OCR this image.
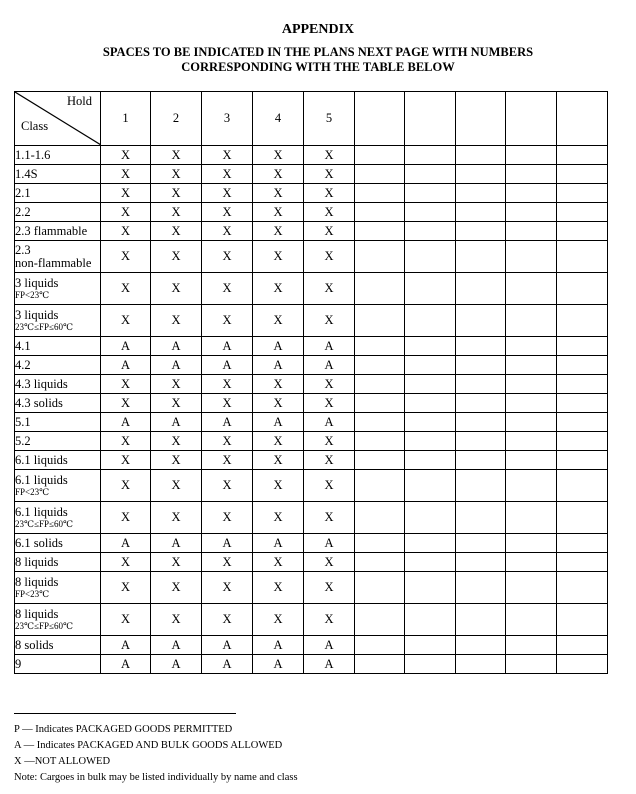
APPENDIX
SPACES TO BE INDICATED IN THE PLANS NEXT PAGE WITH NUMBERS
CORRESPONDING WITH THE TABLE BELOW
Hold
Class	1	2	3	4	5					
1.1-1.6	X	X	X	X	X					
1.4S	X	X	X	X	X					
2.1	X	X	X	X	X					
2.2	X	X	X	X	X					
2.3 flammable	X	X	X	X	X					
2.3
non-flammable	X	X	X	X	X					
3 liquids
FP<23℃	X	X	X	X	X					
3 liquids
23℃≤FP≤60℃	X	X	X	X	X					
4.1	A	A	A	A	A					
4.2	A	A	A	A	A					
4.3 liquids	X	X	X	X	X					
4.3 solids	X	X	X	X	X					
5.1	A	A	A	A	A					
5.2	X	X	X	X	X					
6.1 liquids	X	X	X	X	X					
6.1 liquids
FP<23℃	X	X	X	X	X					
6.1 liquids
23℃≤FP≤60℃	X	X	X	X	X					
6.1 solids	A	A	A	A	A					
8 liquids	X	X	X	X	X					
8 liquids
FP<23℃	X	X	X	X	X					
8 liquids
23℃≤FP≤60℃	X	X	X	X	X					
8 solids	A	A	A	A	A					
9	A	A	A	A	A					
P — Indicates PACKAGED GOODS PERMITTED
A — Indicates PACKAGED AND BULK GOODS ALLOWED
X —NOT ALLOWED
Note: Cargoes in bulk may be listed individually by name and class
